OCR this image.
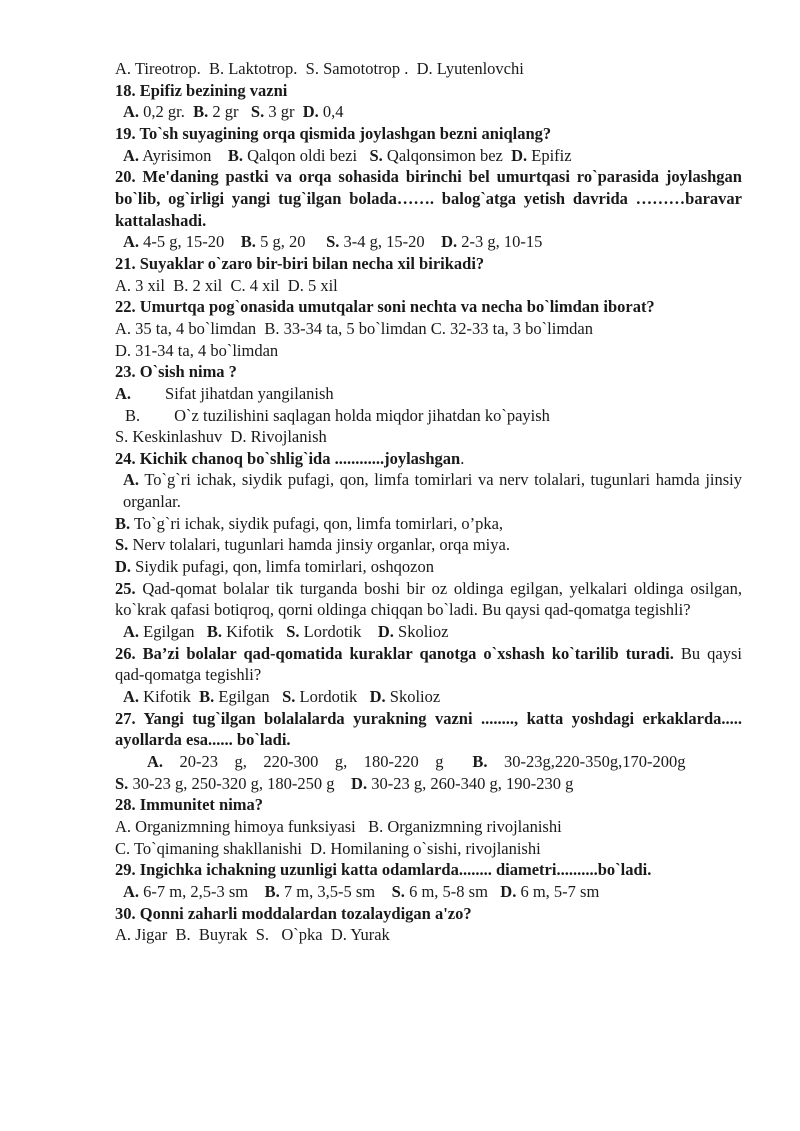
A. Tireotrop.  B. Laktotrop.  S. Samototrop .  D. Lyutenlovchi
18. Epifiz bezining vazni
A. 0,2 gr.  B. 2 gr   S. 3 gr  D. 0,4
19. To`sh suyagining orqa qismida joylashgan bezni aniqlang?
A. Ayrisimon    B. Qalqon oldi bezi   S. Qalqonsimon bez  D. Epifiz
20. Me'daning pastki va orqa sohasida birinchi bel umurtqasi ro`parasida joylashgan bo`lib, og`irligi yangi tug`ilgan bolada……. balog`atga yetish davrida ………baravar kattalashadi.
A. 4-5 g, 15-20    B. 5 g, 20     S. 3-4 g, 15-20    D. 2-3 g, 10-15
21. Suyaklar o`zaro bir-biri bilan necha xil birikadi?
A. 3 xil  B. 2 xil  C. 4 xil  D. 5 xil
22. Umurtqa pog`onasida umutqalar soni nechta va necha bo`limdan iborat?
A. 35 ta, 4 bo`limdan  B. 33-34 ta, 5 bo`limdan C. 32-33 ta, 3 bo`limdan
D. 31-34 ta, 4 bo`limdan
23. O`sish nima ?
A. Sifat jihatdan yangilanish
B. O`z tuzilishini saqlagan holda miqdor jihatdan ko`payish
S. Keskinlashuv  D. Rivojlanish
24. Kichik chanoq bo`shlig`ida ............joylashgan.
A. To`g`ri ichak, siydik pufagi, qon, limfa tomirlari va nerv tolalari, tugunlari hamda jinsiy organlar.
B. To`g`ri ichak, siydik pufagi, qon, limfa tomirlari, o’pka,
S. Nerv tolalari, tugunlari hamda jinsiy organlar, orqa miya.
D. Siydik pufagi, qon, limfa tomirlari, oshqozon
25. Qad-qomat bolalar tik turganda boshi bir oz oldinga egilgan, yelkalari oldinga osilgan, ko`krak qafasi botiqroq, qorni oldinga chiqqan bo`ladi. Bu qaysi qad-qomatga tegishli?
A. Egilgan   B. Kifotik   S. Lordotik    D. Skolioz
26. Ba’zi bolalar qad-qomatida kuraklar qanotga o`xshash ko`tarilib turadi. Bu qaysi qad-qomatga tegishli?
A. Kifotik  B. Egilgan   S. Lordotik   D. Skolioz
27. Yangi tug`ilgan bolalalarda yurakning vazni ........, katta yoshdagi erkaklarda..... ayollarda esa...... bo`ladi.
A.    20-23    g,    220-300    g,    180-220    g       B.    30-23g,220-350g,170-200g
S. 30-23 g, 250-320 g, 180-250 g    D. 30-23 g, 260-340 g, 190-230 g
28. Immunitet nima?
A. Organizmning himoya funksiyasi   B. Organizmning rivojlanishi
C. To`qimaning shakllanishi  D. Homilaning o`sishi, rivojlanishi
29. Ingichka ichakning uzunligi katta odamlarda........ diametri..........bo`ladi.
A. 6-7 m, 2,5-3 sm    B. 7 m, 3,5-5 sm    S. 6 m, 5-8 sm   D. 6 m, 5-7 sm
30. Qonni zaharli moddalardan tozalaydigan a'zo?
A. Jigar  B.  Buyrak  S.   O`pka  D. Yurak
